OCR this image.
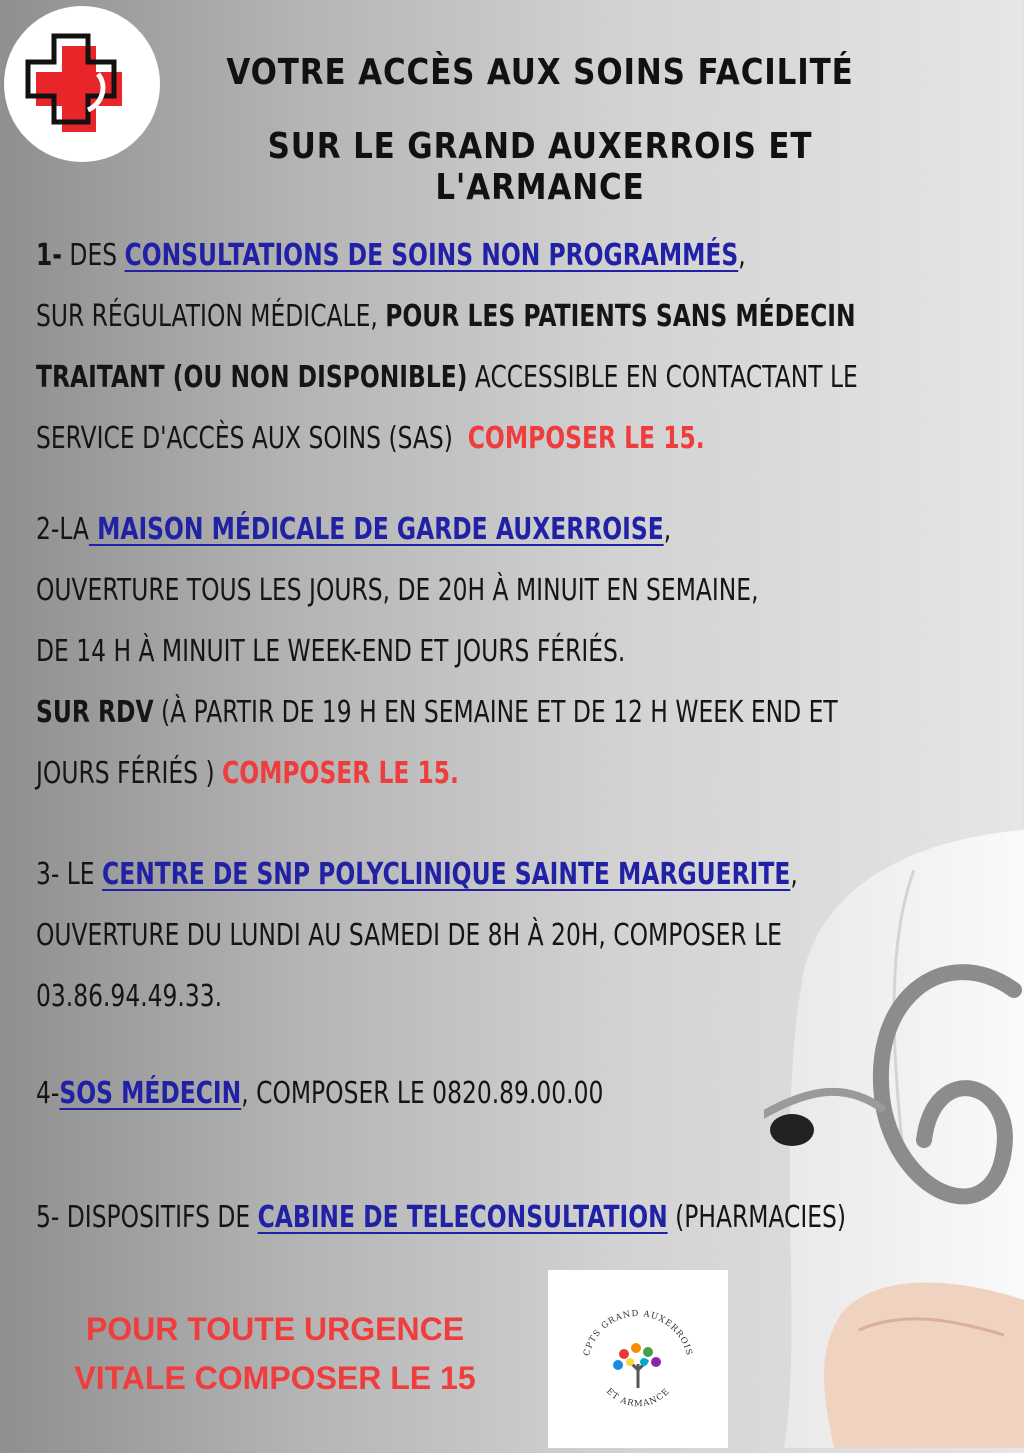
VOTRE ACCÈS AUX SOINS FACILITÉ
SUR LE GRAND AUXERROIS ET L'ARMANCE
1- DES CONSULTATIONS DE SOINS NON PROGRAMMÉS,
SUR RÉGULATION MÉDICALE, POUR LES PATIENTS SANS MÉDECIN
TRAITANT (OU NON DISPONIBLE) ACCESSIBLE EN CONTACTANT LE
SERVICE D'ACCÈS AUX SOINS (SAS)  COMPOSER LE 15.
2-LA MAISON MÉDICALE DE GARDE AUXERROISE,
OUVERTURE TOUS LES JOURS, DE 20H À MINUIT EN SEMAINE,
DE 14 H À MINUIT LE WEEK-END ET JOURS FÉRIÉS.
SUR RDV (À PARTIR DE 19 H EN SEMAINE ET DE 12 H WEEK END ET
JOURS FÉRIÉS ) COMPOSER LE 15.
3- LE CENTRE DE SNP POLYCLINIQUE SAINTE MARGUERITE,
OUVERTURE DU LUNDI AU SAMEDI DE 8H À 20H, COMPOSER LE
03.86.94.49.33.
4-SOS MÉDECIN, COMPOSER LE 0820.89.00.00
5- DISPOSITIFS DE CABINE DE TELECONSULTATION (PHARMACIES)
POUR TOUTE URGENCE
VITALE COMPOSER LE 15
CPTS GRAND AUXERROIS
ET ARMANCE
